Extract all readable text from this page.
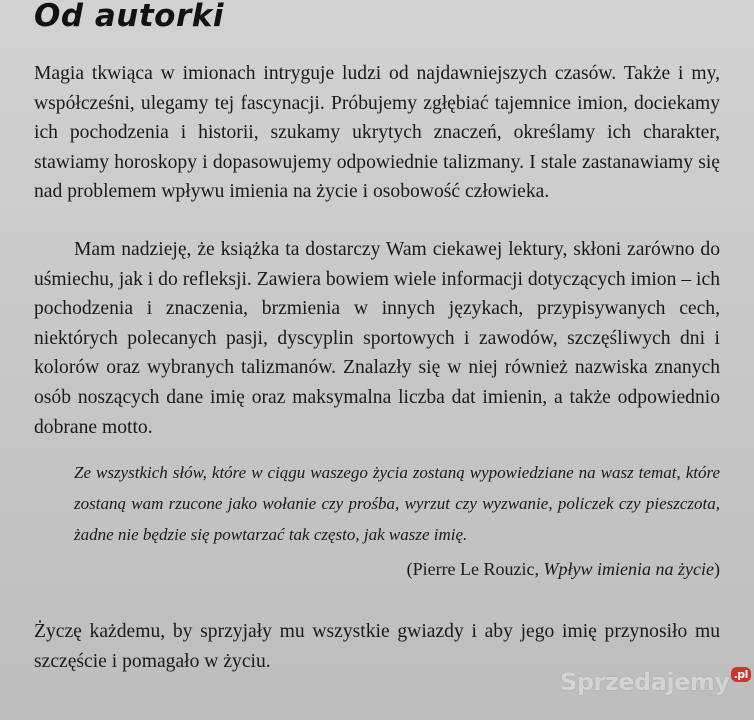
Od autorki

Magia tkwiąca w imionach intryguje ludzi od najdawniejszych czasów. Także i my, współcześni, ulegamy tej fascynacji. Próbujemy zgłębiać tajemnice imion, dociekamy ich pochodzenia i historii, szukamy ukrytych znaczeń, określamy ich charakter, stawiamy horoskopy i dopasowujemy odpowiednie talizmany. I stale zastanawiamy się nad problemem wpływu imienia na życie i osobowość człowieka.

Mam nadzieję, że książka ta dostarczy Wam ciekawej lektury, skłoni zarówno do uśmiechu, jak i do refleksji. Zawiera bowiem wiele informacji dotyczących imion – ich pochodzenia i znaczenia, brzmienia w innych językach, przypisywanych cech, niektórych polecanych pasji, dyscyplin sportowych i zawodów, szczęśliwych dni i kolorów oraz wybranych talizmanów. Znalazły się w niej również nazwiska znanych osób noszących dane imię oraz maksymalna liczba dat imienin, a także odpowiednio dobrane motto.

Ze wszystkich słów, które w ciągu waszego życia zostaną wypowiedziane na wasz temat, które zostaną wam rzucone jako wołanie czy prośba, wyrzut czy wyzwanie, policzek czy pieszczota, żadne nie będzie się powtarzać tak często, jak wasze imię.

(Pierre Le Rouzic, Wpływ imienia na życie)

Życzę każdemu, by sprzyjały mu wszystkie gwiazdy i aby jego imię przynosiło mu szczęście i pomagało w życiu.

Sprzedajemy $^{.pl}$
